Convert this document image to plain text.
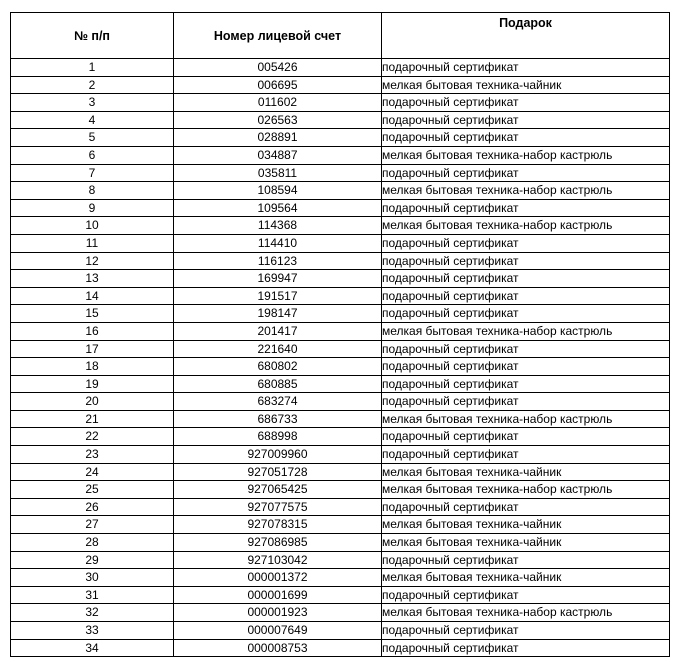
№ п/п	Номер лицевой счет	Подарок
1	005426	подарочный сертификат
2	006695	мелкая бытовая техника-чайник
3	011602	подарочный сертификат
4	026563	подарочный сертификат
5	028891	подарочный сертификат
6	034887	мелкая бытовая техника-набор кастрюль
7	035811	подарочный сертификат
8	108594	мелкая бытовая техника-набор кастрюль
9	109564	подарочный сертификат
10	114368	мелкая бытовая техника-набор кастрюль
11	114410	подарочный сертификат
12	116123	подарочный сертификат
13	169947	подарочный сертификат
14	191517	подарочный сертификат
15	198147	подарочный сертификат
16	201417	мелкая бытовая техника-набор кастрюль
17	221640	подарочный сертификат
18	680802	подарочный сертификат
19	680885	подарочный сертификат
20	683274	подарочный сертификат
21	686733	мелкая бытовая техника-набор кастрюль
22	688998	подарочный сертификат
23	927009960	подарочный сертификат
24	927051728	мелкая бытовая техника-чайник
25	927065425	мелкая бытовая техника-набор кастрюль
26	927077575	подарочный сертификат
27	927078315	мелкая бытовая техника-чайник
28	927086985	мелкая бытовая техника-чайник
29	927103042	подарочный сертификат
30	000001372	мелкая бытовая техника-чайник
31	000001699	подарочный сертификат
32	000001923	мелкая бытовая техника-набор кастрюль
33	000007649	подарочный сертификат
34	000008753	подарочный сертификат
